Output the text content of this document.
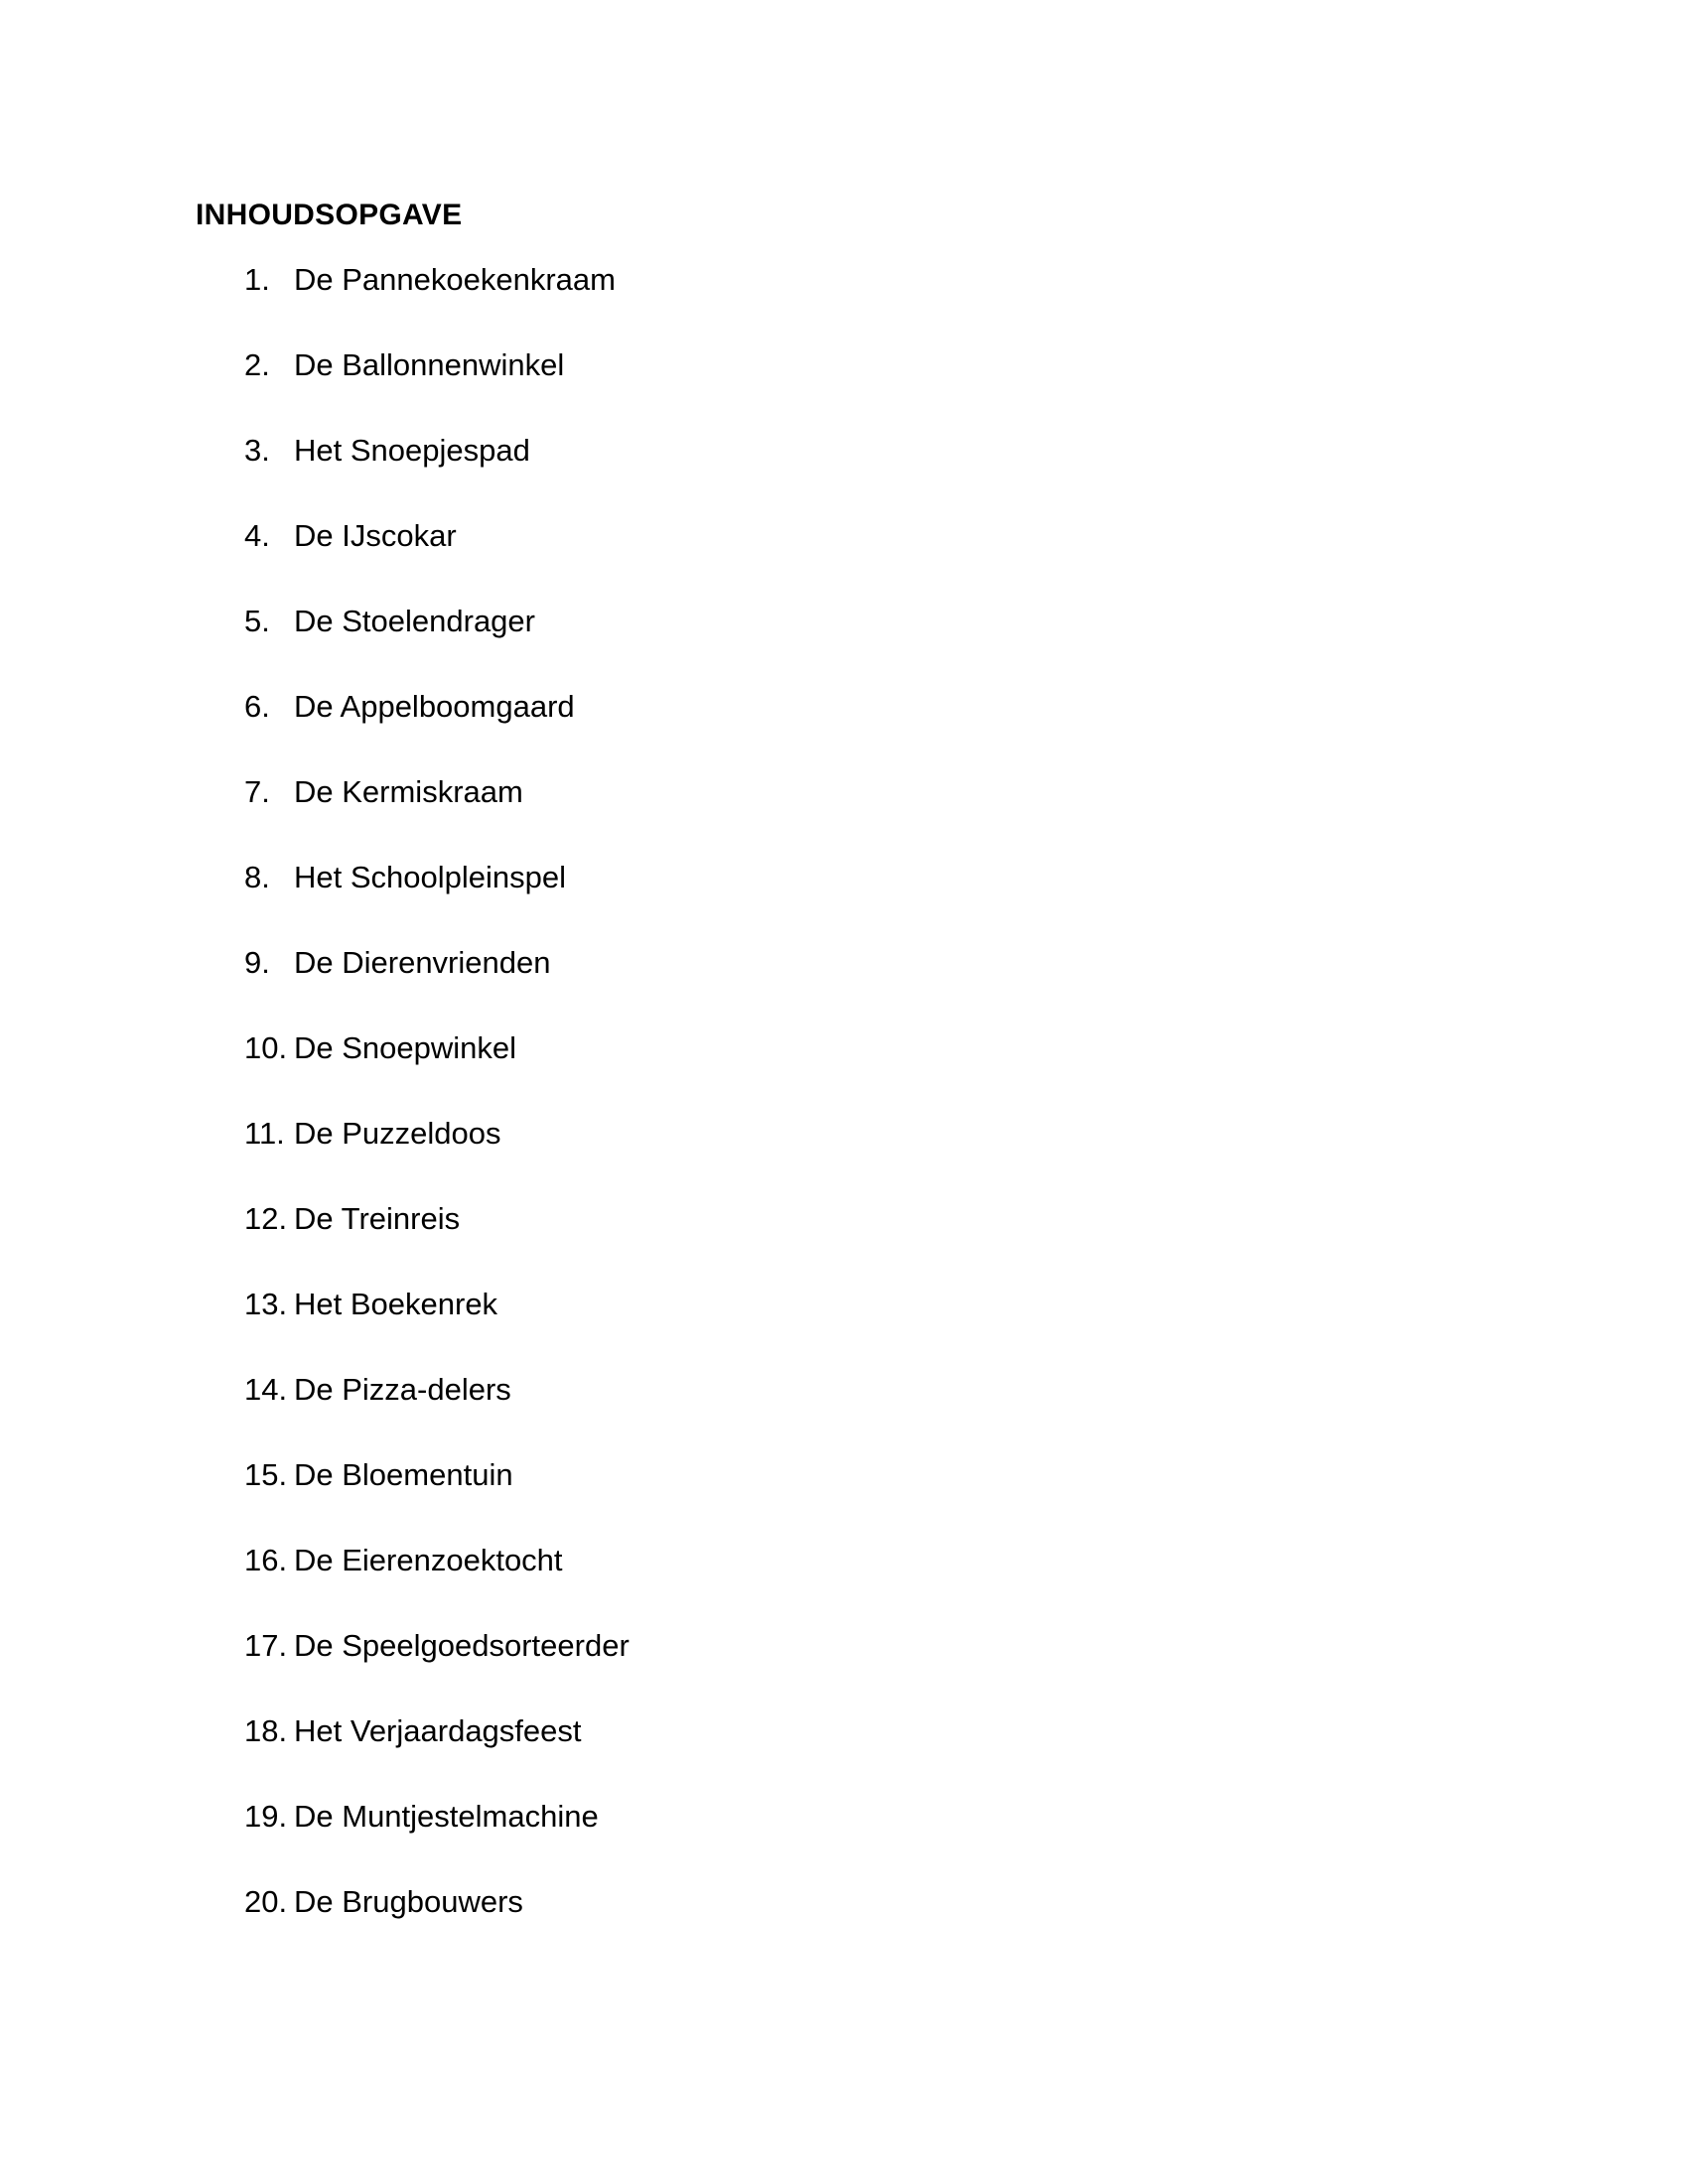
INHOUDSOPGAVE
1. De Pannekoekenkraam
2. De Ballonnenwinkel
3. Het Snoepjespad
4. De IJscokar
5. De Stoelendrager
6. De Appelboomgaard
7. De Kermiskraam
8. Het Schoolpleinspel
9. De Dierenvrienden
10. De Snoepwinkel
11. De Puzzeldoos
12. De Treinreis
13. Het Boekenrek
14. De Pizza-delers
15. De Bloementuin
16. De Eierenzoektocht
17. De Speelgoedsorteerder
18. Het Verjaardagsfeest
19. De Muntjestelmachine
20. De Brugbouwers
